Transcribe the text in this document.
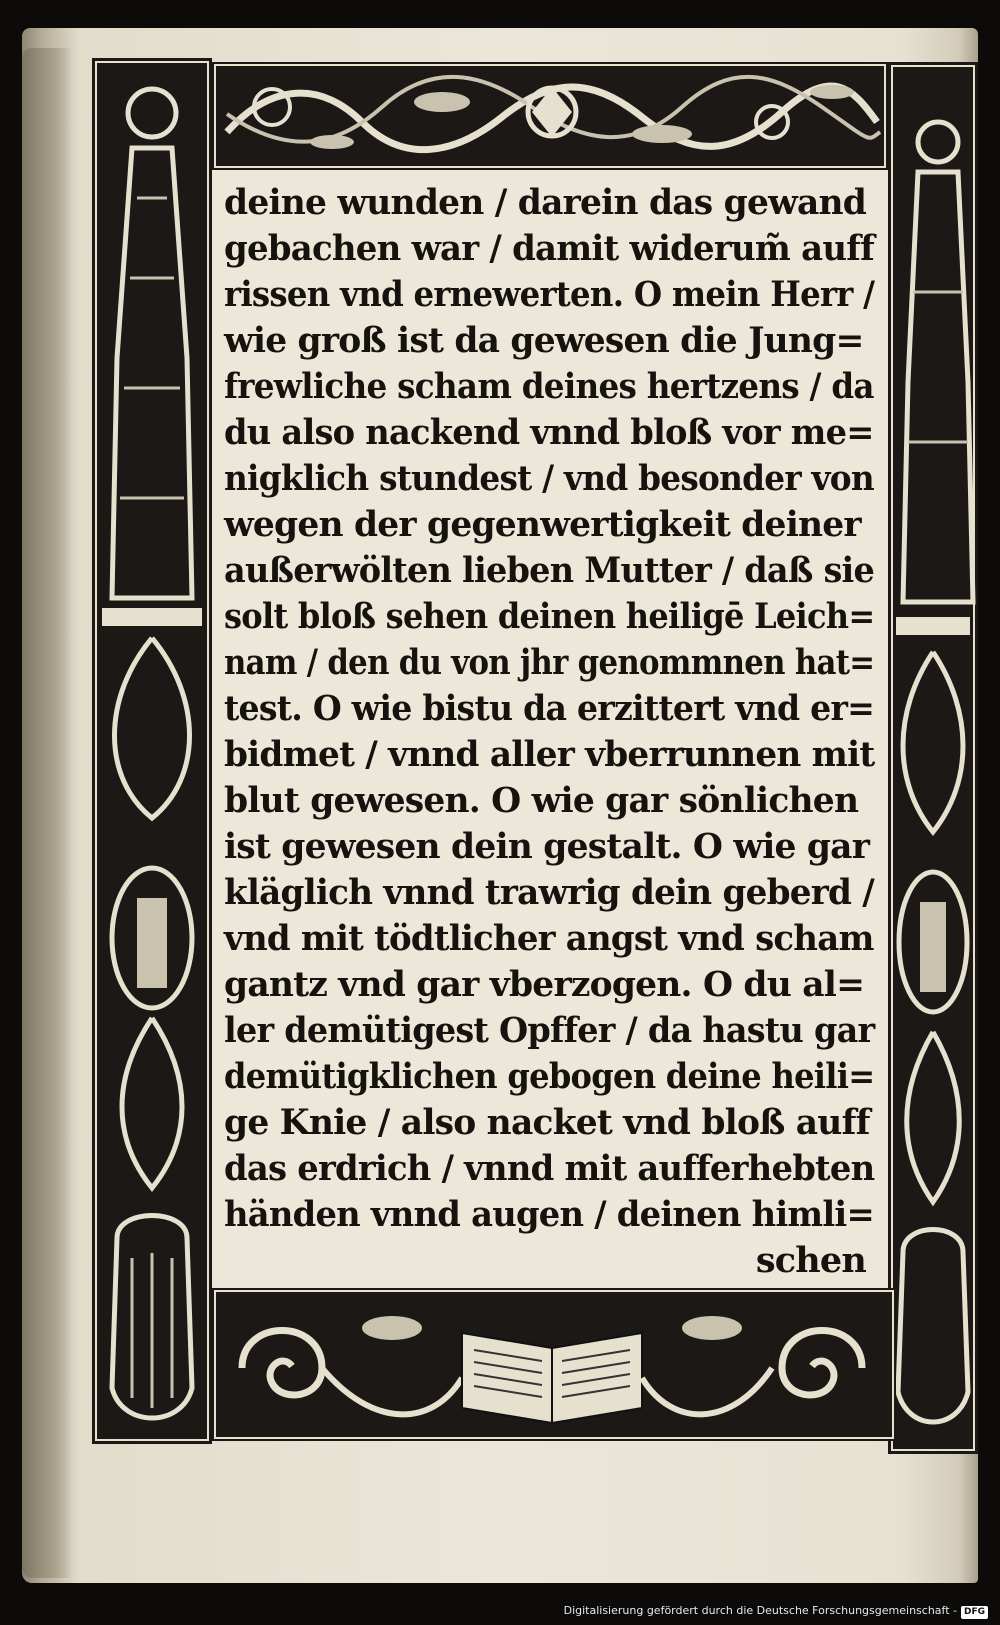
deine wunden / darein das gewand
gebachen war / damit widerum̃ auff
rissen vnd ernewerten. O mein Herr /
wie groß ist da gewesen die Jung=
frewliche scham deines hertzens / da
du also nackend vnnd bloß vor me=
nigklich stundest / vnd besonder von
wegen der gegenwertigkeit deiner
außerwölten lieben Mutter / daß sie
solt bloß sehen deinen heiligē Leich=
nam / den du von jhr genommnen hat=
test. O wie bistu da erzittert vnd er=
bidmet / vnnd aller vberrunnen mit
blut gewesen. O wie gar sönlichen
ist gewesen dein gestalt. O wie gar
kläglich vnnd trawrig dein geberd /
vnd mit tödtlicher angst vnd scham
gantz vnd gar vberzogen. O du al=
ler demütigest Opffer / da hastu gar
demütigklichen gebogen deine heili=
ge Knie / also nacket vnd bloß auff
das erdrich / vnnd mit aufferhebten
händen vnnd augen / deinen himli=
schen
Digitalisierung gefördert durch die Deutsche Forschungsgemeinschaft - DFG
